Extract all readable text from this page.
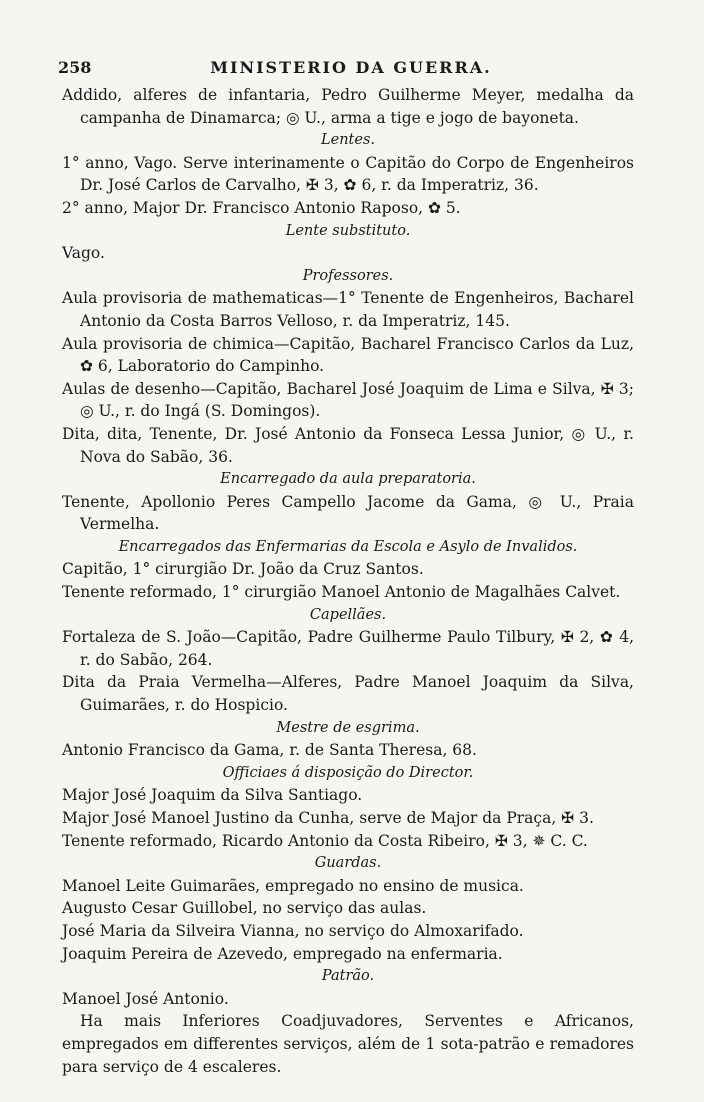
258	MINISTERIO DA GUERRA.

Addido, alferes de infantaria, Pedro Guilherme Meyer, medalha da campanha de Dinamarca; ◎ U., arma a tige e jogo de bayoneta.

Lentes.

1° anno, Vago. Serve interinamente o Capitão do Corpo de Engenheiros Dr. José Carlos de Carvalho, ✠ 3, ✿ 6, r. da Imperatriz, 36.

2° anno, Major Dr. Francisco Antonio Raposo, ✿ 5.

Lente substituto.

Vago.

Professores.

Aula provisoria de mathematicas—1° Tenente de Engenheiros, Bacharel Antonio da Costa Barros Velloso, r. da Imperatriz, 145.

Aula provisoria de chimica—Capitão, Bacharel Francisco Carlos da Luz, ✿ 6, Laboratorio do Campinho.

Aulas de desenho—Capitão, Bacharel José Joaquim de Lima e Silva, ✠ 3; ◎ U., r. do Ingá (S. Domingos).

Dita, dita, Tenente, Dr. José Antonio da Fonseca Lessa Junior, ◎ U., r. Nova do Sabão, 36.

Encarregado da aula preparatoria.

Tenente, Apollonio Peres Campello Jacome da Gama, ◎ U., Praia Vermelha.

Encarregados das Enfermarias da Escola e Asylo de Invalidos.

Capitão, 1° cirurgião Dr. João da Cruz Santos.

Tenente reformado, 1° cirurgião Manoel Antonio de Magalhães Calvet.

Capellães.

Fortaleza de S. João—Capitão, Padre Guilherme Paulo Tilbury, ✠ 2, ✿ 4, r. do Sabão, 264.

Dita da Praia Vermelha—Alferes, Padre Manoel Joaquim da Silva, Guimarães, r. do Hospicio.

Mestre de esgrima.

Antonio Francisco da Gama, r. de Santa Theresa, 68.

Officiaes á disposição do Director.

Major José Joaquim da Silva Santiago.

Major José Manoel Justino da Cunha, serve de Major da Praça, ✠ 3.

Tenente reformado, Ricardo Antonio da Costa Ribeiro, ✠ 3, ✵ C. C.

Guardas.

Manoel Leite Guimarães, empregado no ensino de musica.

Augusto Cesar Guillobel, no serviço das aulas.

José Maria da Silveira Vianna, no serviço do Almoxarifado.

Joaquim Pereira de Azevedo, empregado na enfermaria.

Patrão.

Manoel José Antonio.

Ha mais Inferiores Coadjuvadores, Serventes e Africanos, empregados em differentes serviços, além de 1 sota-patrão e remadores para serviço de 4 escaleres.
